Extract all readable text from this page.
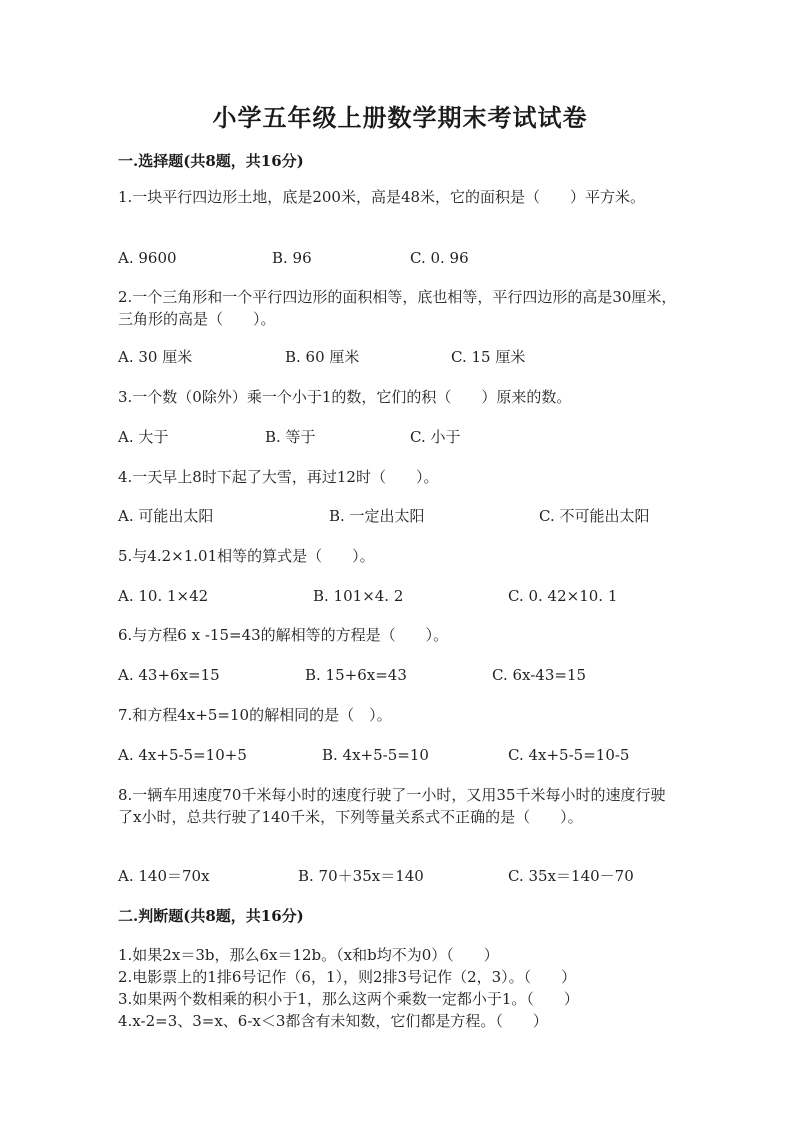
小学五年级上册数学期末考试试卷
一.选择题(共8题，共16分)
1.一块平行四边形土地，底是200米，高是48米，它的面积是（　　）平方米。
A. 9600	B. 96	C. 0. 96
2.一个三角形和一个平行四边形的面积相等，底也相等，平行四边形的高是30厘米，三角形的高是（　　）。
A. 30 厘米	B. 60 厘米	C. 15 厘米
3.一个数（0除外）乘一个小于1的数，它们的积（　　）原来的数。
A. 大于	B. 等于	C. 小于
4.一天早上8时下起了大雪，再过12时（　　）。
A. 可能出太阳	B. 一定出太阳	C. 不可能出太阳
5.与4.2×1.01相等的算式是（　　）。
A. 10. 1×42	B. 101×4. 2	C. 0. 42×10. 1
6.与方程6 x -15=43的解相等的方程是（　　）。
A. 43+6x=15	B. 15+6x=43	C. 6x-43=15
7.和方程4x+5=10的解相同的是（　）。
A. 4x+5-5=10+5	B. 4x+5-5=10	C. 4x+5-5=10-5
8.一辆车用速度70千米每小时的速度行驶了一小时，又用35千米每小时的速度行驶了x小时，总共行驶了140千米，下列等量关系式不正确的是（　　）。
A. 140＝70x	B. 70＋35x＝140	C. 35x＝140－70
二.判断题(共8题，共16分)
1.如果2x＝3b，那么6x＝12b。（x和b均不为0）（　　）
2.电影票上的1排6号记作（6，1），则2排3号记作（2，3）。（　　）
3.如果两个数相乘的积小于1，那么这两个乘数一定都小于1。（　　）
4.x-2=3、3=x、6-x＜3都含有未知数，它们都是方程。（　　）
